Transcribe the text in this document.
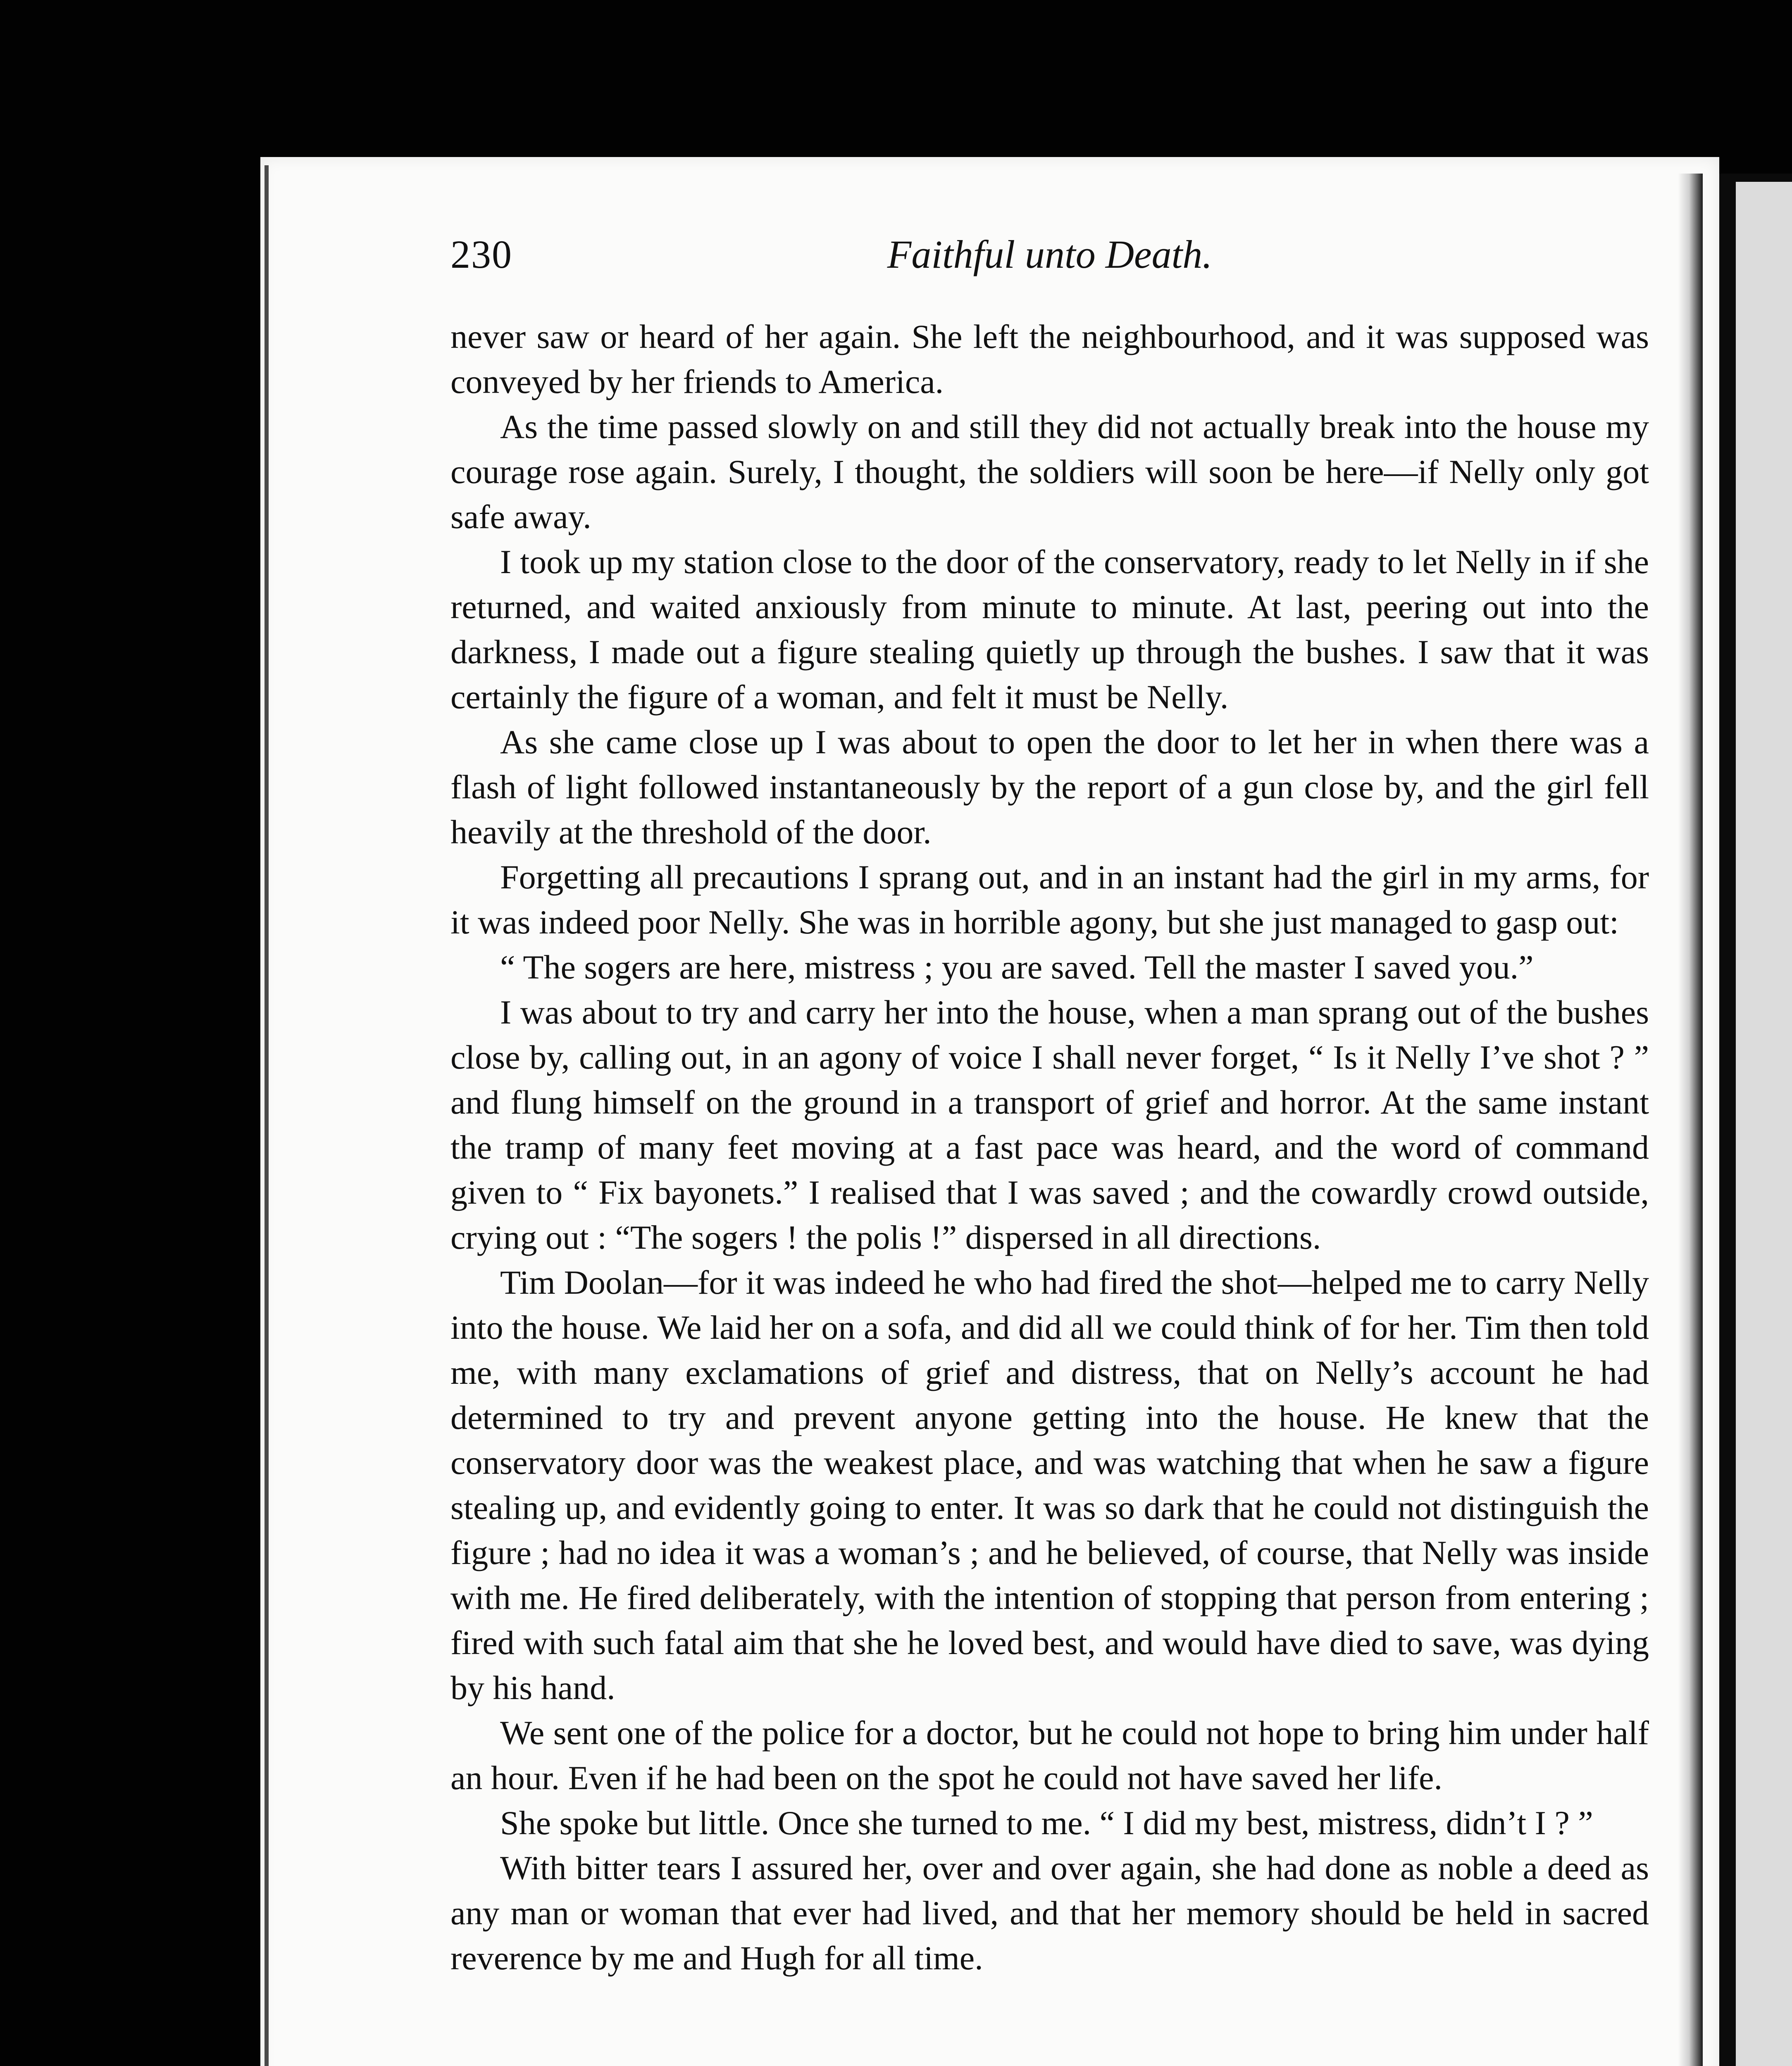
230	Faithful unto Death.

never saw or heard of her again. She left the neighbourhood, and it was supposed was conveyed by her friends to America.

As the time passed slowly on and still they did not actually break into the house my courage rose again. Surely, I thought, the soldiers will soon be here—if Nelly only got safe away.

I took up my station close to the door of the conservatory, ready to let Nelly in if she returned, and waited anxiously from minute to minute. At last, peering out into the darkness, I made out a figure stealing quietly up through the bushes. I saw that it was certainly the figure of a woman, and felt it must be Nelly.

As she came close up I was about to open the door to let her in when there was a flash of light followed instantaneously by the report of a gun close by, and the girl fell heavily at the threshold of the door.

Forgetting all precautions I sprang out, and in an instant had the girl in my arms, for it was indeed poor Nelly. She was in horrible agony, but she just managed to gasp out:

“ The sogers are here, mistress ; you are saved. Tell the master I saved you.”

I was about to try and carry her into the house, when a man sprang out of the bushes close by, calling out, in an agony of voice I shall never forget, “ Is it Nelly I’ve shot ? ” and flung himself on the ground in a transport of grief and horror. At the same instant the tramp of many feet moving at a fast pace was heard, and the word of command given to “ Fix bayonets.” I realised that I was saved ; and the cowardly crowd outside, crying out : “The sogers ! the polis !” dispersed in all directions.

Tim Doolan—for it was indeed he who had fired the shot—helped me to carry Nelly into the house. We laid her on a sofa, and did all we could think of for her. Tim then told me, with many exclamations of grief and distress, that on Nelly’s account he had determined to try and prevent anyone getting into the house. He knew that the conservatory door was the weakest place, and was watching that when he saw a figure stealing up, and evidently going to enter. It was so dark that he could not distinguish the figure ; had no idea it was a woman’s ; and he believed, of course, that Nelly was inside with me. He fired deliberately, with the intention of stopping that person from entering ; fired with such fatal aim that she he loved best, and would have died to save, was dying by his hand.

We sent one of the police for a doctor, but he could not hope to bring him under half an hour. Even if he had been on the spot he could not have saved her life.

She spoke but little. Once she turned to me. “ I did my best, mistress, didn’t I ? ”

With bitter tears I assured her, over and over again, she had done as noble a deed as any man or woman that ever had lived, and that her memory should be held in sacred reverence by me and Hugh for all time.
